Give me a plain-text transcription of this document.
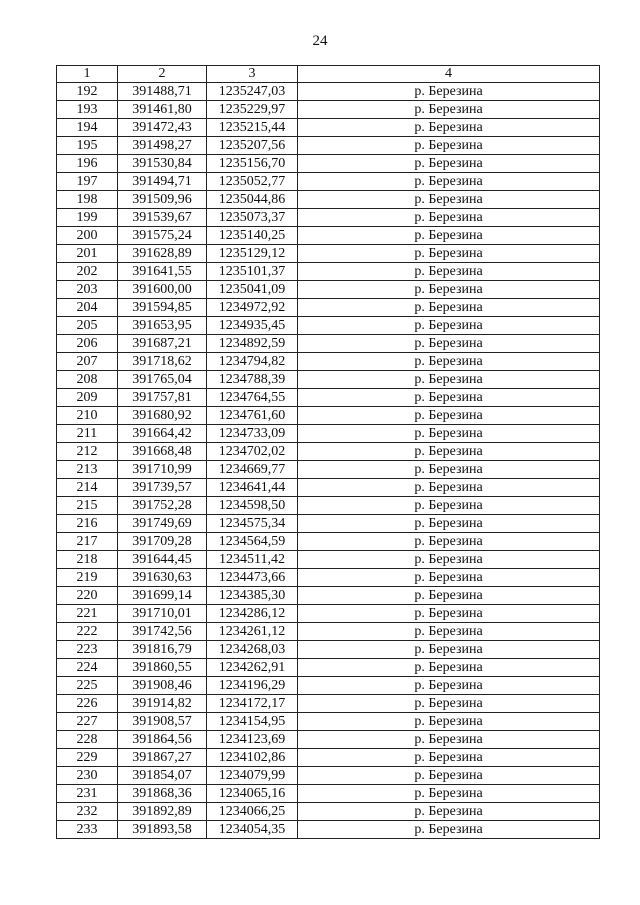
24
1	2	3	4
192	391488,71	1235247,03	р. Березина
193	391461,80	1235229,97	р. Березина
194	391472,43	1235215,44	р. Березина
195	391498,27	1235207,56	р. Березина
196	391530,84	1235156,70	р. Березина
197	391494,71	1235052,77	р. Березина
198	391509,96	1235044,86	р. Березина
199	391539,67	1235073,37	р. Березина
200	391575,24	1235140,25	р. Березина
201	391628,89	1235129,12	р. Березина
202	391641,55	1235101,37	р. Березина
203	391600,00	1235041,09	р. Березина
204	391594,85	1234972,92	р. Березина
205	391653,95	1234935,45	р. Березина
206	391687,21	1234892,59	р. Березина
207	391718,62	1234794,82	р. Березина
208	391765,04	1234788,39	р. Березина
209	391757,81	1234764,55	р. Березина
210	391680,92	1234761,60	р. Березина
211	391664,42	1234733,09	р. Березина
212	391668,48	1234702,02	р. Березина
213	391710,99	1234669,77	р. Березина
214	391739,57	1234641,44	р. Березина
215	391752,28	1234598,50	р. Березина
216	391749,69	1234575,34	р. Березина
217	391709,28	1234564,59	р. Березина
218	391644,45	1234511,42	р. Березина
219	391630,63	1234473,66	р. Березина
220	391699,14	1234385,30	р. Березина
221	391710,01	1234286,12	р. Березина
222	391742,56	1234261,12	р. Березина
223	391816,79	1234268,03	р. Березина
224	391860,55	1234262,91	р. Березина
225	391908,46	1234196,29	р. Березина
226	391914,82	1234172,17	р. Березина
227	391908,57	1234154,95	р. Березина
228	391864,56	1234123,69	р. Березина
229	391867,27	1234102,86	р. Березина
230	391854,07	1234079,99	р. Березина
231	391868,36	1234065,16	р. Березина
232	391892,89	1234066,25	р. Березина
233	391893,58	1234054,35	р. Березина
